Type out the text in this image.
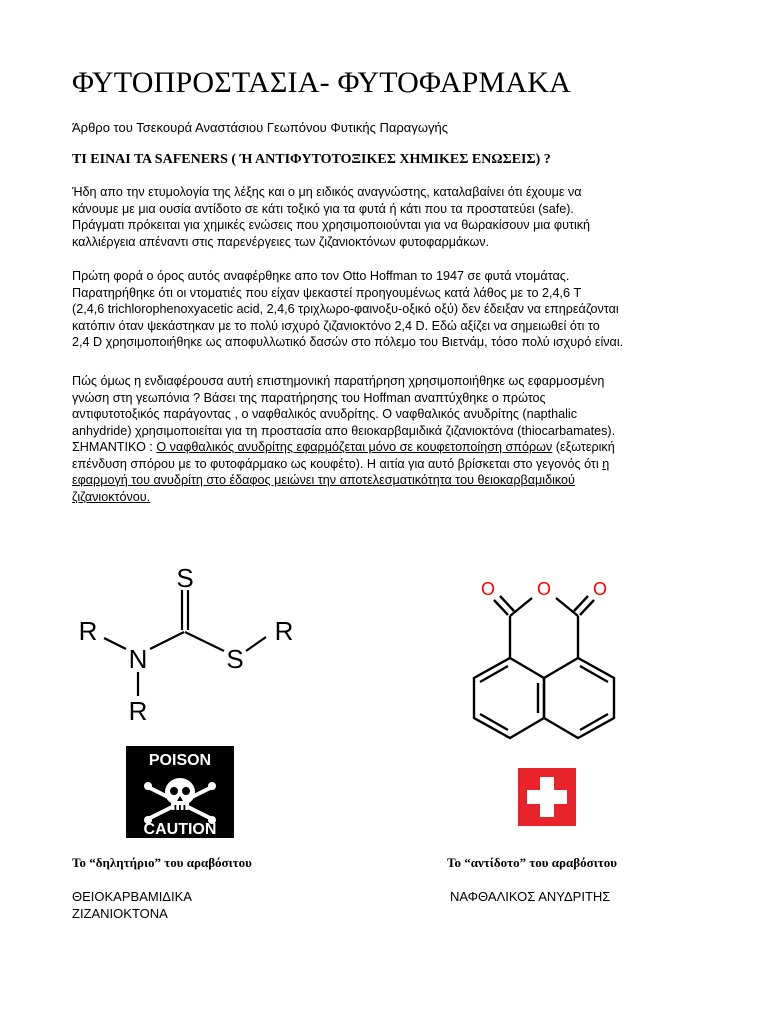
ΦΥΤΟΠΡΟΣΤΑΣΙΑ- ΦΥΤΟΦΑΡΜΑΚΑ

Άρθρο του Τσεκουρά Αναστάσιου Γεωπόνου Φυτικής Παραγωγής

ΤΙ ΕΙΝΑΙ ΤΑ SAFENERS ( Ή ΑΝΤΙΦΥΤΟΤΟΞΙΚΕΣ ΧΗΜΙΚΕΣ ΕΝΩΣΕΙΣ) ?

Ήδη απο την ετυμολογία της λέξης και ο μη ειδικός αναγνώστης, καταλαβαίνει ότι έχουμε να
κάνουμε με μια ουσία αντίδοτο σε κάτι τοξικό για τα φυτά ή κάτι που τα προστατεύει (safe).
Πράγματι πρόκειται για χημικές ενώσεις που χρησιμοποιούνται για να θωρακίσουν μια φυτική
καλλιέργεια απέναντι στις παρενέργειες των ζιζανιοκτόνων φυτοφαρμάκων.

Πρώτη φορά ο όρος αυτός αναφέρθηκε απο τον Otto Hoffman το 1947 σε φυτά ντομάτας.
Παρατηρήθηκε ότι οι ντοματιές που είχαν ψεκαστεί προηγουμένως κατά λάθος με το 2,4,6 T
(2,4,6 trichlorophenoxyacetic acid, 2,4,6 τριχλωρο-φαινοξυ-οξικό οξύ) δεν έδειξαν να επηρεάζονται
κατόπιν όταν ψεκάστηκαν με το πολύ ισχυρό ζιζανιοκτόνο 2,4 D. Εδώ αξίζει να σημειωθεί ότι το
2,4 D χρησιμοποιήθηκε ως αποφυλλωτικό δασών στο πόλεμο του Βιετνάμ, τόσο πολύ ισχυρό είναι.

Πώς όμως η ενδιαφέρουσα αυτή επιστημονική παρατήρηση χρησιμοποιήθηκε ως εφαρμοσμένη
γνώση στη γεωπόνια ? Βάσει της παρατήρησης του Hoffman αναπτύχθηκε ο πρώτος
αντιφυτοτοξικός παράγοντας , ο ναφθαλικός ανυδρίτης. Ο ναφθαλικός ανυδρίτης (napthalic
anhydride) χρησιμοποιείται για τη προστασία απο θειοκαρβαμιδικά ζιζανιοκτόνα (thiocarbamates).
ΣΗΜΑΝΤΙΚΟ : Ο ναφθαλικός ανυδρίτης εφαρμόζεται μόνο σε κουφετοποίηση σπόρων (εξωτερική
επένδυση σπόρου με το φυτοφάρμακο ως κουφέτο). Η αιτία για αυτό βρίσκεται στο γεγονός ότι η
εφαρμογή του ανυδρίτη στο έδαφος μειώνει την αποτελεσματικότητα του θειοκαρβαμιδικού
ζιζανιοκτόνου.

S
R
N	S
R
R
O O O
POISON
CAUTION

Το “δηλητήριο” του αραβόσιτου	Το “αντίδοτο” του αραβόσιτου

ΘΕΙΟΚΑΡΒΑΜΙΔΙΚΑ

ΖΙΖΑΝΙΟΚΤΟΝΑ

ΝΑΦΘΑΛΙΚΟΣ ΑΝΥΔΡΙΤΗΣ
